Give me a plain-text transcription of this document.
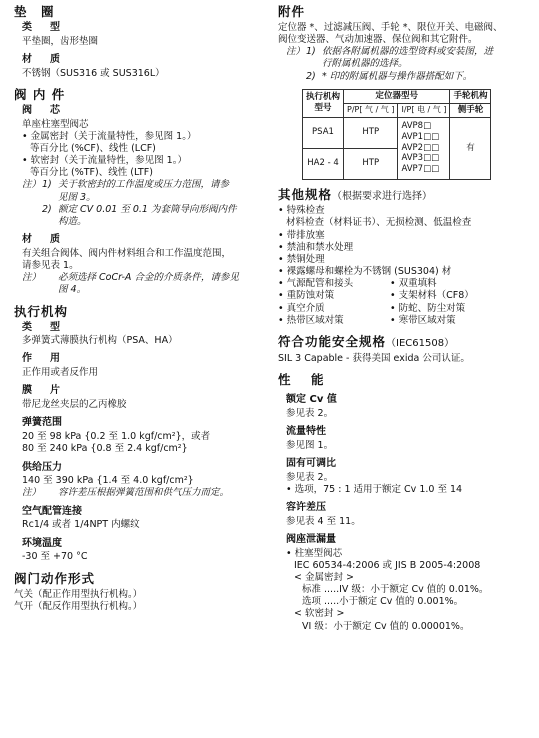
垫　圈
类　型
平垫圈，齿形垫圈
材　质
不锈钢（SUS316 或 SUS316L）
阀 内 件
阀　芯
单座柱塞型阀芯
• 金属密封（关于流量特性，参见图 1。）
等百分比 (%CF)、线性 (LCF)
• 软密封（关于流量特性，参见图 1。）
等百分比 (%TF)、线性 (LTF)
注） 1) 关于软密封的工作温度或压力范围，请参
见图 3。
2) 额定 CV 0.01 至 0.1 为套筒导向形阀内件
构造。
材　质
有关组合阀体、阀内件材料组合和工作温度范围，
请参见表 1。
注） 必须选择 CoCr-A 合金的介质条件，请参见
图 4。
执行机构
类　型
多弹簧式薄膜执行机构（PSA、HA）
作　用
正作用或者反作用
膜　片
带尼龙丝夹层的乙丙橡胶
弹簧范围
20 至 98 kPa {0.2 至 1.0 kgf/cm²}，或者
80 至 240 kPa {0.8 至 2.4 kgf/cm²}
供给压力
140 至 390 kPa {1.4 至 4.0 kgf/cm²}
注） 容许差压根据弹簧范围和供气压力而定。
空气配管连接
Rc1/4 或者 1/4NPT 内螺纹
环境温度
-30 至 +70 °C
阀门动作形式
气关（配正作用型执行机构。）
气开（配反作用型执行机构。）
附件
定位器 *、过滤减压阀、手轮 *、限位开关、电磁阀、
阀位变送器、气动加速器、保位阀和其它附件。
注） 1) 依据各附属机器的选型资料或安装图，进
行附属机器的选择。
2) * 印的附属机器与操作器搭配如下。
执行机构
型号	定位器型号		手轮机构
	P/P[ 气 / 气 ]	I/P[ 电 / 气 ]	侧手轮
PSA1	HTP	AVP8□
AVP1□□
AVP2□□
AVP3□□
AVP7□□	有
HA2 - 4	HTP		
其他规格（根据要求进行选择）
• 特殊检查
材料检查（材料证书）、无损检测、低温检查
• 带排放塞
• 禁油和禁水处理
• 禁铜处理
• 裸露螺母和螺栓为不锈钢 (SUS304) 材
• 气源配管和接头	• 双重填料
• 重防蚀对策	• 支架材料（CF8）
• 真空介质	• 防蛇、防尘对策
• 热带区域对策	• 寒带区域对策
符合功能安全规格（IEC61508）
SIL 3 Capable - 获得美国 exida 公司认证。
性　能
额定 Cv 值
参见表 2。
流量特性
参见图 1。
固有可调比
参见表 2。
• 选项，75 : 1 适用于额定 Cv 1.0 至 14
容许差压
参见表 4 至 11。
阀座泄漏量
• 柱塞型阀芯
IEC 60534-4:2006 或 JIS B 2005-4:2008
< 金属密封 >
标准 .....IV 级：小于额定 Cv 值的 0.01%。
选项 .....小于额定 Cv 值的 0.001%。
< 软密封 >
VI 级：小于额定 Cv 值的 0.00001%。
